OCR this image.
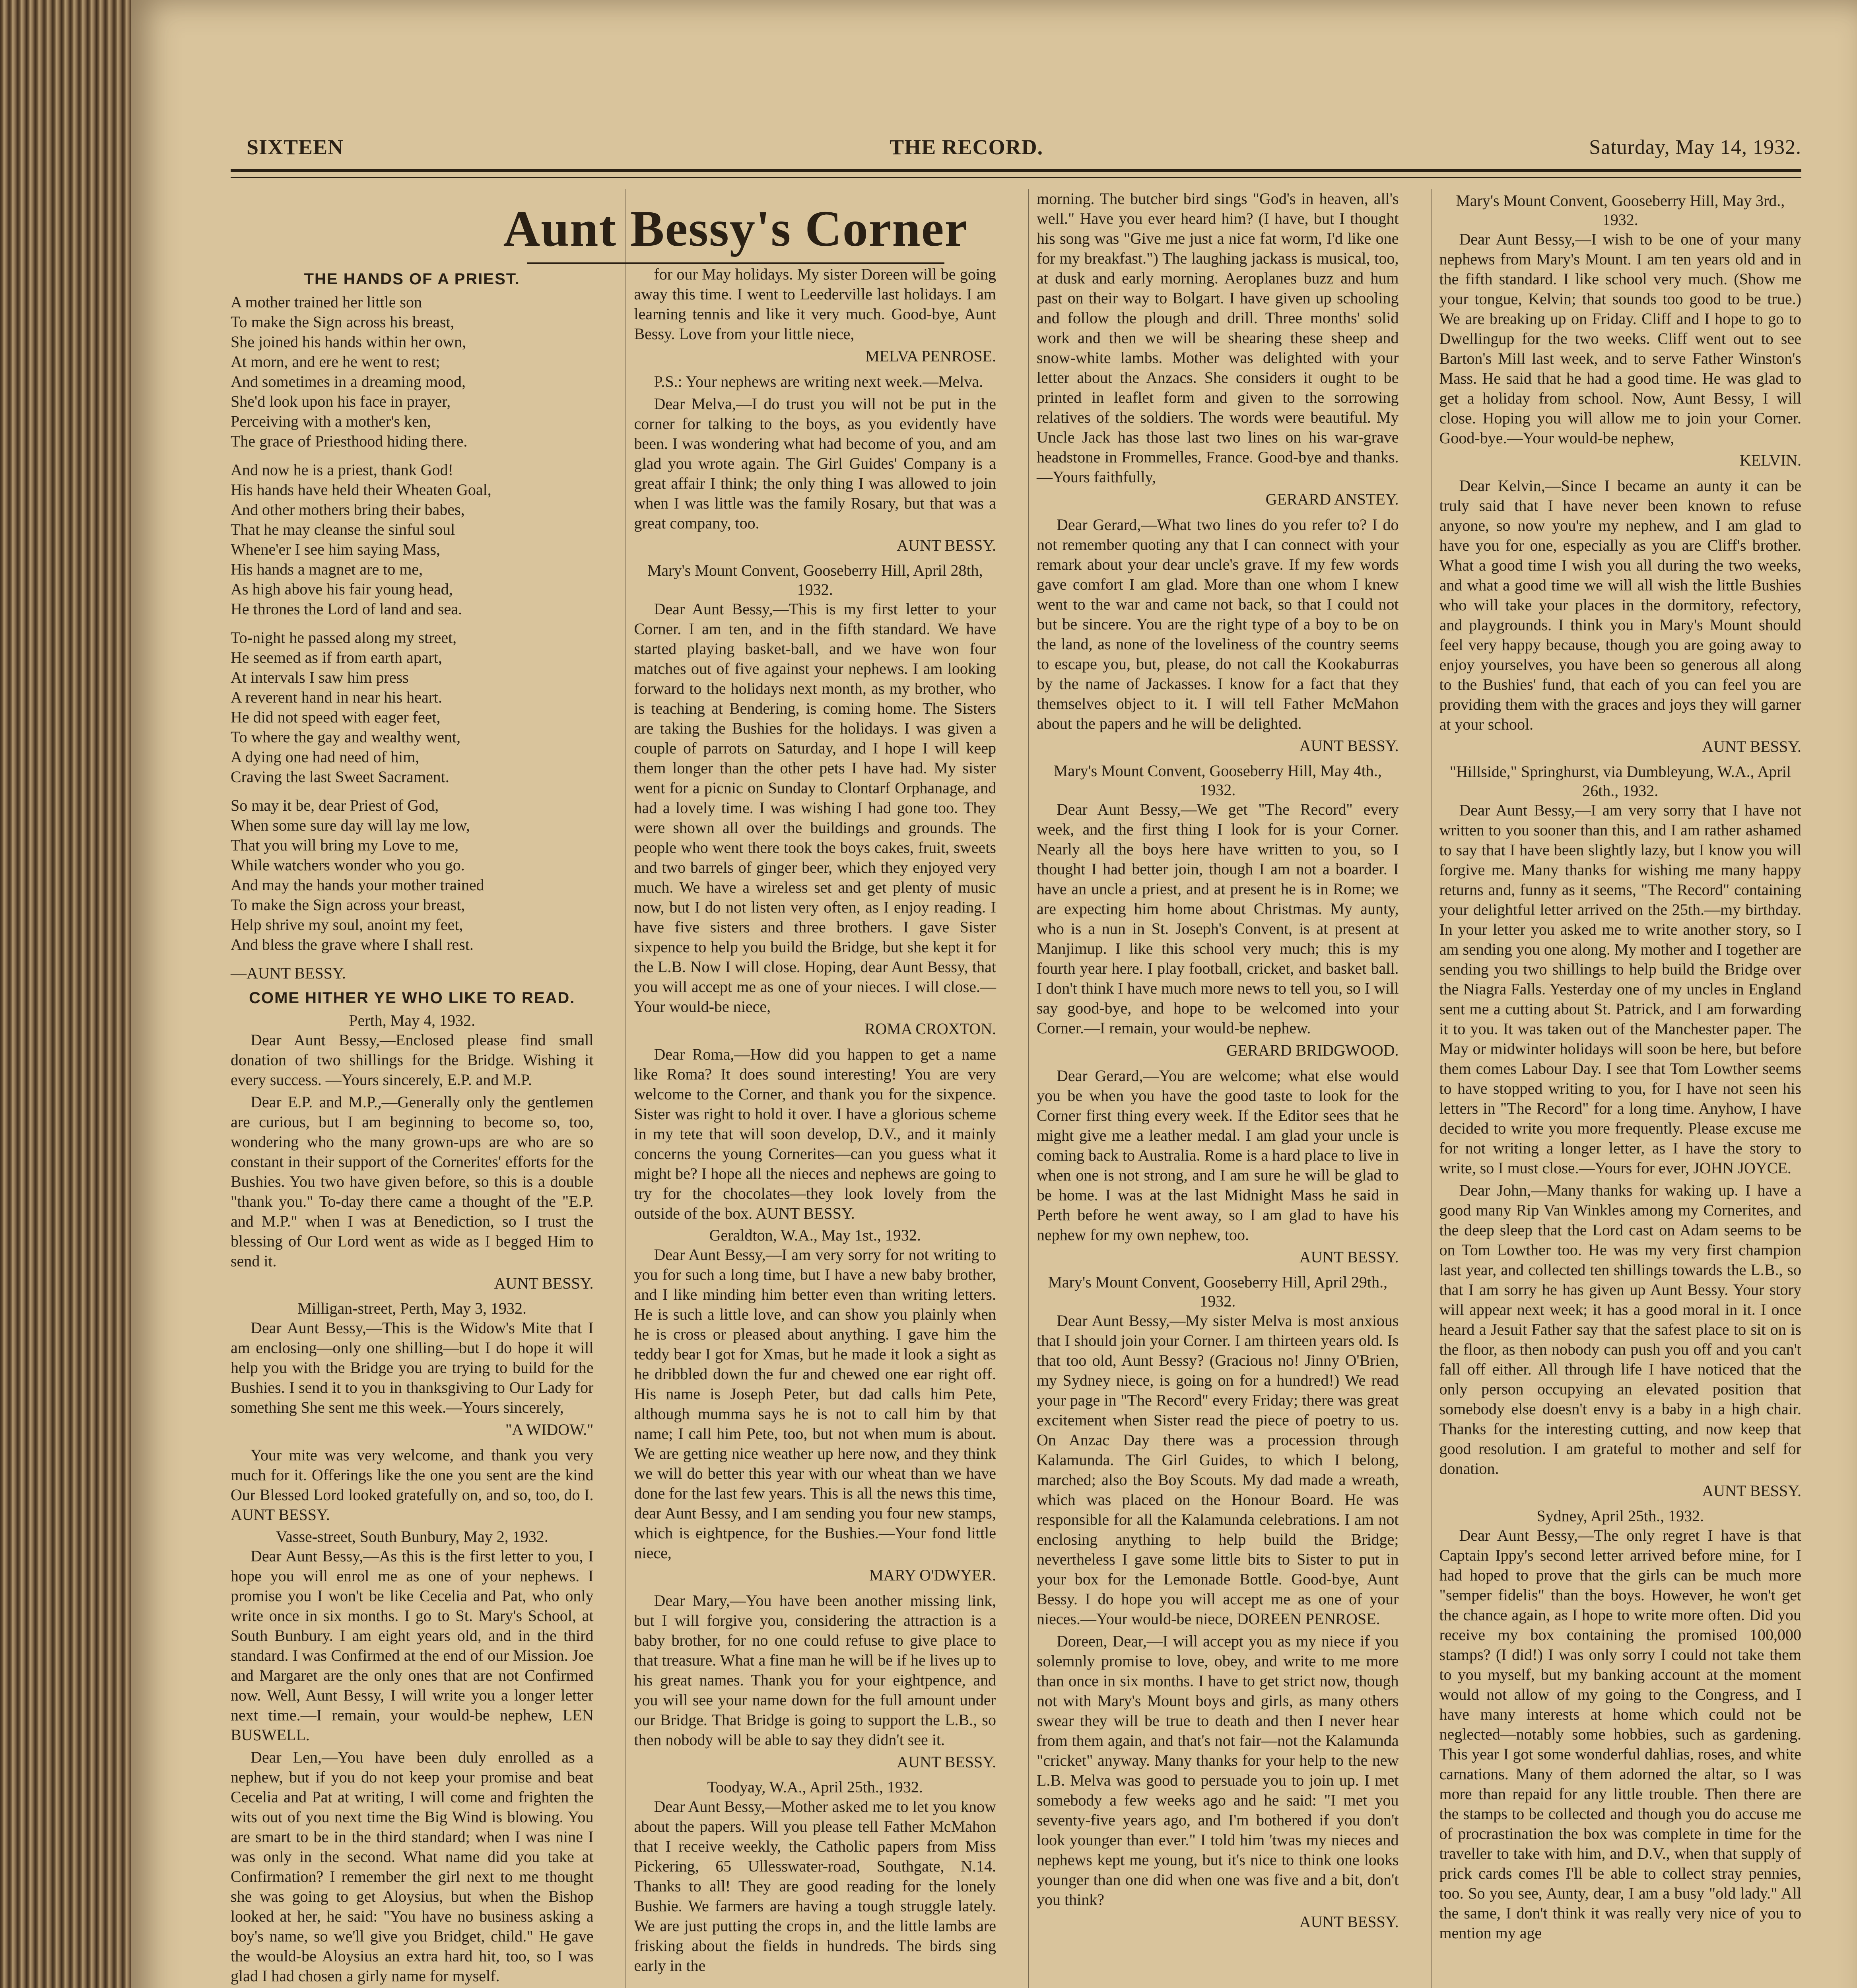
SIXTEEN	THE RECORD.	Saturday, May 14, 1932.
Aunt Bessy's Corner
THE HANDS OF A PRIEST.

A mother trained her little son

To make the Sign across his breast,

She joined his hands within her own,

At morn, and ere he went to rest;

And sometimes in a dreaming mood,

She'd look upon his face in prayer,

Perceiving with a mother's ken,

The grace of Priesthood hiding there.

And now he is a priest, thank God!

His hands have held their Wheaten Goal,

And other mothers bring their babes,

That he may cleanse the sinful soul

Whene'er I see him saying Mass,

His hands a magnet are to me,

As high above his fair young head,

He thrones the Lord of land and sea.

To-night he passed along my street,

He seemed as if from earth apart,

At intervals I saw him press

A reverent hand in near his heart.

He did not speed with eager feet,

To where the gay and wealthy went,

A dying one had need of him,

Craving the last Sweet Sacrament.

So may it be, dear Priest of God,

When some sure day will lay me low,

That you will bring my Love to me,

While watchers wonder who you go.

And may the hands your mother trained

To make the Sign across your breast,

Help shrive my soul, anoint my feet,

And bless the grave where I shall rest.

—AUNT BESSY.

COME HITHER YE WHO LIKE TO READ.

Perth, May 4, 1932.

Dear Aunt Bessy,—Enclosed please find small donation of two shillings for the Bridge. Wishing it every success. —Yours sincerely, E.P. and M.P.

Dear E.P. and M.P.,—Generally only the gentlemen are curious, but I am beginning to become so, too, wondering who the many grown-ups are who are so constant in their support of the Cornerites' efforts for the Bushies. You two have given before, so this is a double "thank you." To-day there came a thought of the "E.P. and M.P." when I was at Benediction, so I trust the blessing of Our Lord went as wide as I begged Him to send it.

AUNT BESSY.

Milligan-street, Perth, May 3, 1932.

Dear Aunt Bessy,—This is the Widow's Mite that I am enclosing—only one shilling—but I do hope it will help you with the Bridge you are trying to build for the Bushies. I send it to you in thanksgiving to Our Lady for something She sent me this week.—Yours sincerely,

"A WIDOW."

Your mite was very welcome, and thank you very much for it. Offerings like the one you sent are the kind Our Blessed Lord looked gratefully on, and so, too, do I. AUNT BESSY.

Vasse-street, South Bunbury, May 2, 1932.

Dear Aunt Bessy,—As this is the first letter to you, I hope you will enrol me as one of your nephews. I promise you I won't be like Cecelia and Pat, who only write once in six months. I go to St. Mary's School, at South Bunbury. I am eight years old, and in the third standard. I was Confirmed at the end of our Mission. Joe and Margaret are the only ones that are not Confirmed now. Well, Aunt Bessy, I will write you a longer letter next time.—I remain, your would-be nephew, LEN BUSWELL.

Dear Len,—You have been duly enrolled as a nephew, but if you do not keep your promise and beat Cecelia and Pat at writing, I will come and frighten the wits out of you next time the Big Wind is blowing. You are smart to be in the third standard; when I was nine I was only in the second. What name did you take at Confirmation? I remember the girl next to me thought she was going to get Aloysius, but when the Bishop looked at her, he said: "You have no business asking a boy's name, so we'll give you Bridget, child." He gave the would-be Aloysius an extra hard hit, too, so I was glad I had chosen a girly name for myself.

for our May holidays. My sister Doreen will be going away this time. I went to Leederville last holidays. I am learning tennis and like it very much. Good-bye, Aunt Bessy. Love from your little niece,

MELVA PENROSE.

P.S.: Your nephews are writing next week.—Melva.

Dear Melva,—I do trust you will not be put in the corner for talking to the boys, as you evidently have been. I was wondering what had become of you, and am glad you wrote again. The Girl Guides' Company is a great affair I think; the only thing I was allowed to join when I was little was the family Rosary, but that was a great company, too.

AUNT BESSY.

Mary's Mount Convent, Gooseberry Hill, April 28th, 1932.

Dear Aunt Bessy,—This is my first letter to your Corner. I am ten, and in the fifth standard. We have started playing basket-ball, and we have won four matches out of five against your nephews. I am looking forward to the holidays next month, as my brother, who is teaching at Bendering, is coming home. The Sisters are taking the Bushies for the holidays. I was given a couple of parrots on Saturday, and I hope I will keep them longer than the other pets I have had. My sister went for a picnic on Sunday to Clontarf Orphanage, and had a lovely time. I was wishing I had gone too. They were shown all over the buildings and grounds. The people who went there took the boys cakes, fruit, sweets and two barrels of ginger beer, which they enjoyed very much. We have a wireless set and get plenty of music now, but I do not listen very often, as I enjoy reading. I have five sisters and three brothers. I gave Sister sixpence to help you build the Bridge, but she kept it for the L.B. Now I will close. Hoping, dear Aunt Bessy, that you will accept me as one of your nieces. I will close.—Your would-be niece,

ROMA CROXTON.

Dear Roma,—How did you happen to get a name like Roma? It does sound interesting! You are very welcome to the Corner, and thank you for the sixpence. Sister was right to hold it over. I have a glorious scheme in my tete that will soon develop, D.V., and it mainly concerns the young Cornerites—can you guess what it might be? I hope all the nieces and nephews are going to try for the chocolates—they look lovely from the outside of the box. AUNT BESSY.

Geraldton, W.A., May 1st., 1932.

Dear Aunt Bessy,—I am very sorry for not writing to you for such a long time, but I have a new baby brother, and I like minding him better even than writing letters. He is such a little love, and can show you plainly when he is cross or pleased about anything. I gave him the teddy bear I got for Xmas, but he made it look a sight as he dribbled down the fur and chewed one ear right off. His name is Joseph Peter, but dad calls him Pete, although mumma says he is not to call him by that name; I call him Pete, too, but not when mum is about. We are getting nice weather up here now, and they think we will do better this year with our wheat than we have done for the last few years. This is all the news this time, dear Aunt Bessy, and I am sending you four new stamps, which is eightpence, for the Bushies.—Your fond little niece,

MARY O'DWYER.

Dear Mary,—You have been another missing link, but I will forgive you, considering the attraction is a baby brother, for no one could refuse to give place to that treasure. What a fine man he will be if he lives up to his great names. Thank you for your eightpence, and you will see your name down for the full amount under our Bridge. That Bridge is going to support the L.B., so then nobody will be able to say they didn't see it.

AUNT BESSY.

Toodyay, W.A., April 25th., 1932.

Dear Aunt Bessy,—Mother asked me to let you know about the papers. Will you please tell Father McMahon that I receive weekly, the Catholic papers from Miss Pickering, 65 Ullesswater-road, Southgate, N.14. Thanks to all! They are good reading for the lonely Bushie. We farmers are having a tough struggle lately. We are just putting the crops in, and the little lambs are frisking about the fields in hundreds. The birds sing early in the

morning. The butcher bird sings "God's in heaven, all's well." Have you ever heard him? (I have, but I thought his song was "Give me just a nice fat worm, I'd like one for my breakfast.") The laughing jackass is musical, too, at dusk and early morning. Aeroplanes buzz and hum past on their way to Bolgart. I have given up schooling and follow the plough and drill. Three months' solid work and then we will be shearing these sheep and snow-white lambs. Mother was delighted with your letter about the Anzacs. She considers it ought to be printed in leaflet form and given to the sorrowing relatives of the soldiers. The words were beautiful. My Uncle Jack has those last two lines on his war-grave headstone in Frommelles, France. Good-bye and thanks.—Yours faithfully,

GERARD ANSTEY.

Dear Gerard,—What two lines do you refer to? I do not remember quoting any that I can connect with your remark about your dear uncle's grave. If my few words gave comfort I am glad. More than one whom I knew went to the war and came not back, so that I could not but be sincere. You are the right type of a boy to be on the land, as none of the loveliness of the country seems to escape you, but, please, do not call the Kookaburras by the name of Jackasses. I know for a fact that they themselves object to it. I will tell Father McMahon about the papers and he will be delighted.

AUNT BESSY.

Mary's Mount Convent, Gooseberry Hill, May 4th., 1932.

Dear Aunt Bessy,—We get "The Record" every week, and the first thing I look for is your Corner. Nearly all the boys here have written to you, so I thought I had better join, though I am not a boarder. I have an uncle a priest, and at present he is in Rome; we are expecting him home about Christmas. My aunty, who is a nun in St. Joseph's Convent, is at present at Manjimup. I like this school very much; this is my fourth year here. I play football, cricket, and basket ball. I don't think I have much more news to tell you, so I will say good-bye, and hope to be welcomed into your Corner.—I remain, your would-be nephew.

GERARD BRIDGWOOD.

Dear Gerard,—You are welcome; what else would you be when you have the good taste to look for the Corner first thing every week. If the Editor sees that he might give me a leather medal. I am glad your uncle is coming back to Australia. Rome is a hard place to live in when one is not strong, and I am sure he will be glad to be home. I was at the last Midnight Mass he said in Perth before he went away, so I am glad to have his nephew for my own nephew, too.

AUNT BESSY.

Mary's Mount Convent, Gooseberry Hill, April 29th., 1932.

Dear Aunt Bessy,—My sister Melva is most anxious that I should join your Corner. I am thirteen years old. Is that too old, Aunt Bessy? (Gracious no! Jinny O'Brien, my Sydney niece, is going on for a hundred!) We read your page in "The Record" every Friday; there was great excitement when Sister read the piece of poetry to us. On Anzac Day there was a procession through Kalamunda. The Girl Guides, to which I belong, marched; also the Boy Scouts. My dad made a wreath, which was placed on the Honour Board. He was responsible for all the Kalamunda celebrations. I am not enclosing anything to help build the Bridge; nevertheless I gave some little bits to Sister to put in your box for the Lemonade Bottle. Good-bye, Aunt Bessy. I do hope you will accept me as one of your nieces.—Your would-be niece, DOREEN PENROSE.

Doreen, Dear,—I will accept you as my niece if you solemnly promise to love, obey, and write to me more than once in six months. I have to get strict now, though not with Mary's Mount boys and girls, as many others swear they will be true to death and then I never hear from them again, and that's not fair—not the Kalamunda "cricket" anyway. Many thanks for your help to the new L.B. Melva was good to persuade you to join up. I met somebody a few weeks ago and he said: "I met you seventy-five years ago, and I'm bothered if you don't look younger than ever." I told him 'twas my nieces and nephews kept me young, but it's nice to think one looks younger than one did when one was five and a bit, don't you think?

AUNT BESSY.

Mary's Mount Convent, Gooseberry Hill, May 3rd., 1932.

Dear Aunt Bessy,—I wish to be one of your many nephews from Mary's Mount. I am ten years old and in the fifth standard. I like school very much. (Show me your tongue, Kelvin; that sounds too good to be true.) We are breaking up on Friday. Cliff and I hope to go to Dwellingup for the two weeks. Cliff went out to see Barton's Mill last week, and to serve Father Winston's Mass. He said that he had a good time. He was glad to get a holiday from school. Now, Aunt Bessy, I will close. Hoping you will allow me to join your Corner. Good-bye.—Your would-be nephew,

KELVIN.

Dear Kelvin,—Since I became an aunty it can be truly said that I have never been known to refuse anyone, so now you're my nephew, and I am glad to have you for one, especially as you are Cliff's brother. What a good time I wish you all during the two weeks, and what a good time we will all wish the little Bushies who will take your places in the dormitory, refectory, and playgrounds. I think you in Mary's Mount should feel very happy because, though you are going away to enjoy yourselves, you have been so generous all along to the Bushies' fund, that each of you can feel you are providing them with the graces and joys they will garner at your school.

AUNT BESSY.

"Hillside," Springhurst, via Dumbleyung, W.A., April 26th., 1932.

Dear Aunt Bessy,—I am very sorry that I have not written to you sooner than this, and I am rather ashamed to say that I have been slightly lazy, but I know you will forgive me. Many thanks for wishing me many happy returns and, funny as it seems, "The Record" containing your delightful letter arrived on the 25th.—my birthday. In your letter you asked me to write another story, so I am sending you one along. My mother and I together are sending you two shillings to help build the Bridge over the Niagra Falls. Yesterday one of my uncles in England sent me a cutting about St. Patrick, and I am forwarding it to you. It was taken out of the Manchester paper. The May or midwinter holidays will soon be here, but before them comes Labour Day. I see that Tom Lowther seems to have stopped writing to you, for I have not seen his letters in "The Record" for a long time. Anyhow, I have decided to write you more frequently. Please excuse me for not writing a longer letter, as I have the story to write, so I must close.—Yours for ever, JOHN JOYCE.

Dear John,—Many thanks for waking up. I have a good many Rip Van Winkles among my Cornerites, and the deep sleep that the Lord cast on Adam seems to be on Tom Lowther too. He was my very first champion last year, and collected ten shillings towards the L.B., so that I am sorry he has given up Aunt Bessy. Your story will appear next week; it has a good moral in it. I once heard a Jesuit Father say that the safest place to sit on is the floor, as then nobody can push you off and you can't fall off either. All through life I have noticed that the only person occupying an elevated position that somebody else doesn't envy is a baby in a high chair. Thanks for the interesting cutting, and now keep that good resolution. I am grateful to mother and self for donation.

AUNT BESSY.

Sydney, April 25th., 1932.

Dear Aunt Bessy,—The only regret I have is that Captain Ippy's second letter arrived before mine, for I had hoped to prove that the girls can be much more "semper fidelis" than the boys. However, he won't get the chance again, as I hope to write more often. Did you receive my box containing the promised 100,000 stamps? (I did!) I was only sorry I could not take them to you myself, but my banking account at the moment would not allow of my going to the Congress, and I have many interests at home which could not be neglected—notably some hobbies, such as gardening. This year I got some wonderful dahlias, roses, and white carnations. Many of them adorned the altar, so I was more than repaid for any little trouble. Then there are the stamps to be collected and though you do accuse me of procrastination the box was complete in time for the traveller to take with him, and D.V., when that supply of prick cards comes I'll be able to collect stray pennies, too. So you see, Aunty, dear, I am a busy "old lady." All the same, I don't think it was really very nice of you to mention my age
